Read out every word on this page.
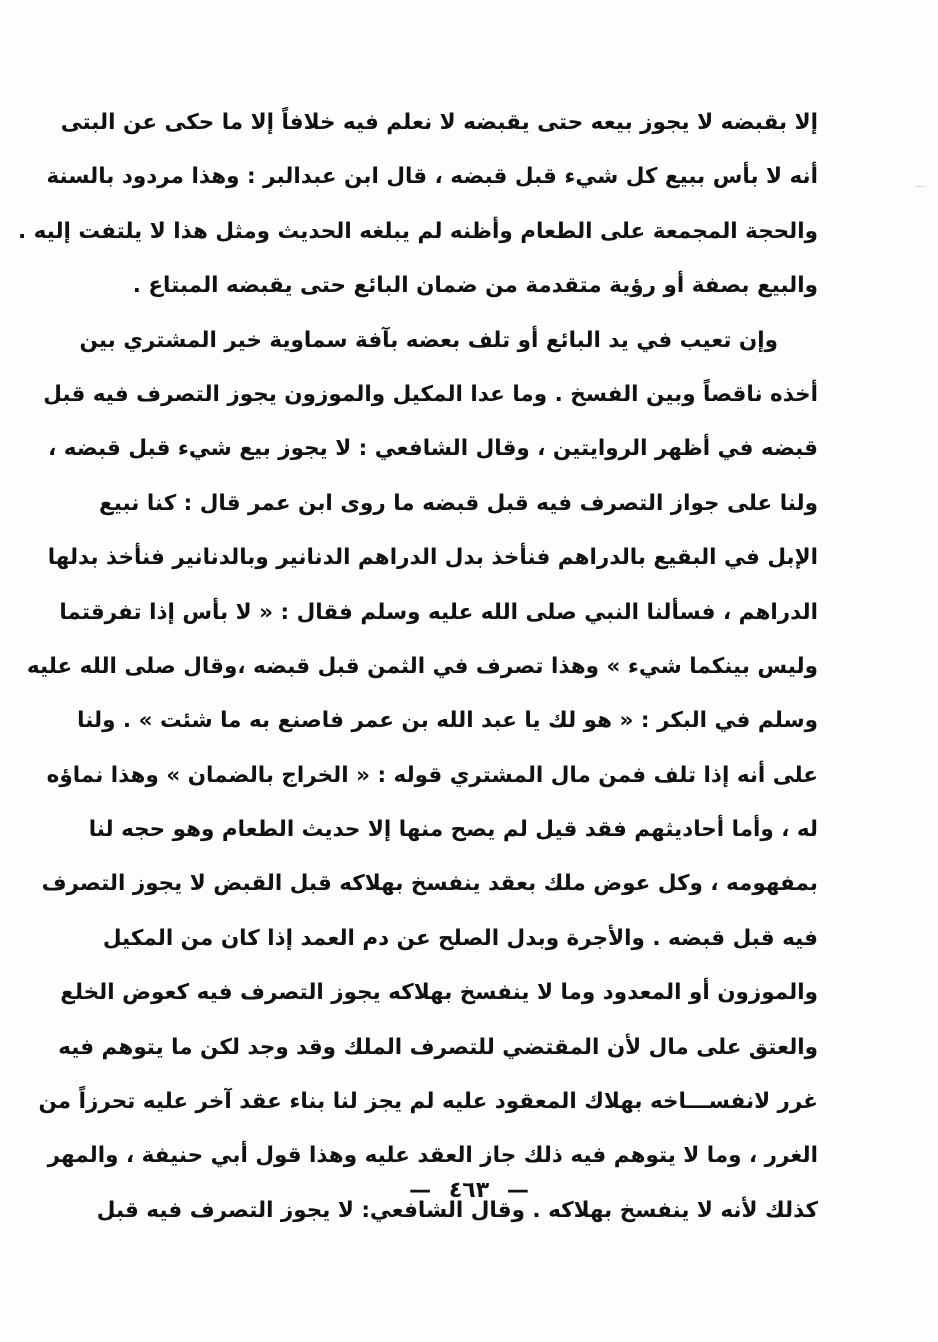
إلا بقبضه لا يجوز بيعه حتى يقبضه لا نعلم فيه خلافاً إلا ما حكى عن البتى
أنه لا بأس ببيع كل شيء قبل قبضه ، قال ابن عبدالبر : وهذا مردود بالسنة
والحجة المجمعة على الطعام وأظنه لم يبلغه الحديث ومثل هذا لا يلتفت إليه .
والبيع بصفة أو رؤية متقدمة من ضمان البائع حتى يقبضه المبتاع .
وإن تعيب في يد البائع أو تلف بعضه بآفة سماوية خير المشتري بين
أخذه ناقصاً وبين الفسخ . وما عدا المكيل والموزون يجوز التصرف فيه قبل
قبضه في أظهر الروايتين ، وقال الشافعي : لا يجوز بيع شيء قبل قبضه ،
ولنا على جواز التصرف فيه قبل قبضه ما روى ابن عمر قال : كنا نبيع
الإبل في البقيع بالدراهم فنأخذ بدل الدراهم الدنانير وبالدنانير فنأخذ بدلها
الدراهم ، فسألنا النبي صلى الله عليه وسلم فقال : « لا بأس إذا تفرقتما
وليس بينكما شيء » وهذا تصرف في الثمن قبل قبضه ،وقال صلى الله عليه
وسلم في البكر : « هو لك يا عبد الله بن عمر فاصنع به ما شئت » . ولنا
على أنه إذا تلف فمن مال المشتري قوله : « الخراج بالضمان » وهذا نماؤه
له ، وأما أحاديثهم فقد قيل لم يصح منها إلا حديث الطعام وهو حجه لنا
بمفهومه ، وكل عوض ملك بعقد ينفسخ بهلاكه قبل القبض لا يجوز التصرف
فيه قبل قبضه . والأجرة وبدل الصلح عن دم العمد إذا كان من المكيل
والموزون أو المعدود وما لا ينفسخ بهلاكه يجوز التصرف فيه كعوض الخلع
والعتق على مال لأن المقتضي للتصرف الملك وقد وجد لكن ما يتوهم فيه
غرر لانفســـاخه بهلاك المعقود عليه لم يجز لنا بناء عقد آخر عليه تحرزاً من
الغرر ، وما لا يتوهم فيه ذلك جاز العقد عليه وهذا قول أبي حنيفة ، والمهر
كذلك لأنه لا ينفسخ بهلاكه . وقال الشافعي: لا يجوز التصرف فيه قبل
— ٤٦٣ —
